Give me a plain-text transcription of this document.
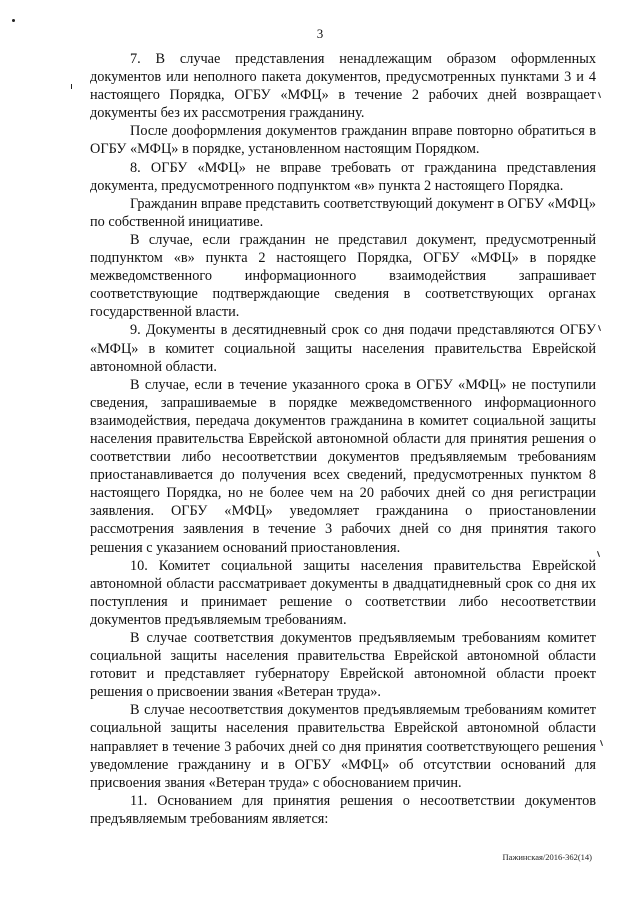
3

7. В случае представления ненадлежащим образом оформленных документов или неполного пакета документов, предусмотренных пунктами 3 и 4 настоящего Порядка, ОГБУ «МФЦ» в течение 2 рабочих дней возвращает документы без их рассмотрения гражданину.

После дооформления документов гражданин вправе повторно обратиться в ОГБУ «МФЦ» в порядке, установленном настоящим Порядком.

8. ОГБУ «МФЦ» не вправе требовать от гражданина представления документа, предусмотренного подпунктом «в» пункта 2 настоящего Порядка.

Гражданин вправе представить соответствующий документ в ОГБУ «МФЦ» по собственной инициативе.

В случае, если гражданин не представил документ, предусмотренный подпунктом «в» пункта 2 настоящего Порядка, ОГБУ «МФЦ» в порядке межведомственного информационного взаимодействия запрашивает соответствующие подтверждающие сведения в соответствующих органах государственной власти.

9. Документы в десятидневный срок со дня подачи представляются ОГБУ «МФЦ» в комитет социальной защиты населения правительства Еврейской автономной области.

В случае, если в течение указанного срока в ОГБУ «МФЦ» не поступили сведения, запрашиваемые в порядке межведомственного информационного взаимодействия, передача документов гражданина в комитет социальной защиты населения правительства Еврейской автономной области для принятия решения о соответствии либо несоответствии документов предъявляемым требованиям приостанавливается до получения всех сведений, предусмотренных пунктом 8 настоящего Порядка, но не более чем на 20 рабочих дней со дня регистрации заявления. ОГБУ «МФЦ» уведомляет гражданина о приостановлении рассмотрения заявления в течение 3 рабочих дней со дня принятия такого решения с указанием оснований приостановления.

10. Комитет социальной защиты населения правительства Еврейской автономной области рассматривает документы в двадцатидневный срок со дня их поступления и принимает решение о соответствии либо несоответствии документов предъявляемым требованиям.

В случае соответствия документов предъявляемым требованиям комитет социальной защиты населения правительства Еврейской автономной области готовит и представляет губернатору Еврейской автономной области проект решения о присвоении звания «Ветеран труда».

В случае несоответствия документов предъявляемым требованиям комитет социальной защиты населения правительства Еврейской автономной области направляет в течение 3 рабочих дней со дня принятия соответствующего решения уведомление гражданину и в ОГБУ «МФЦ» об отсутствии оснований для присвоения звания «Ветеран труда» с обоснованием причин.

11. Основанием для принятия решения о несоответствии документов предъявляемым требованиям является:

Пажинская/2016-362(14)
